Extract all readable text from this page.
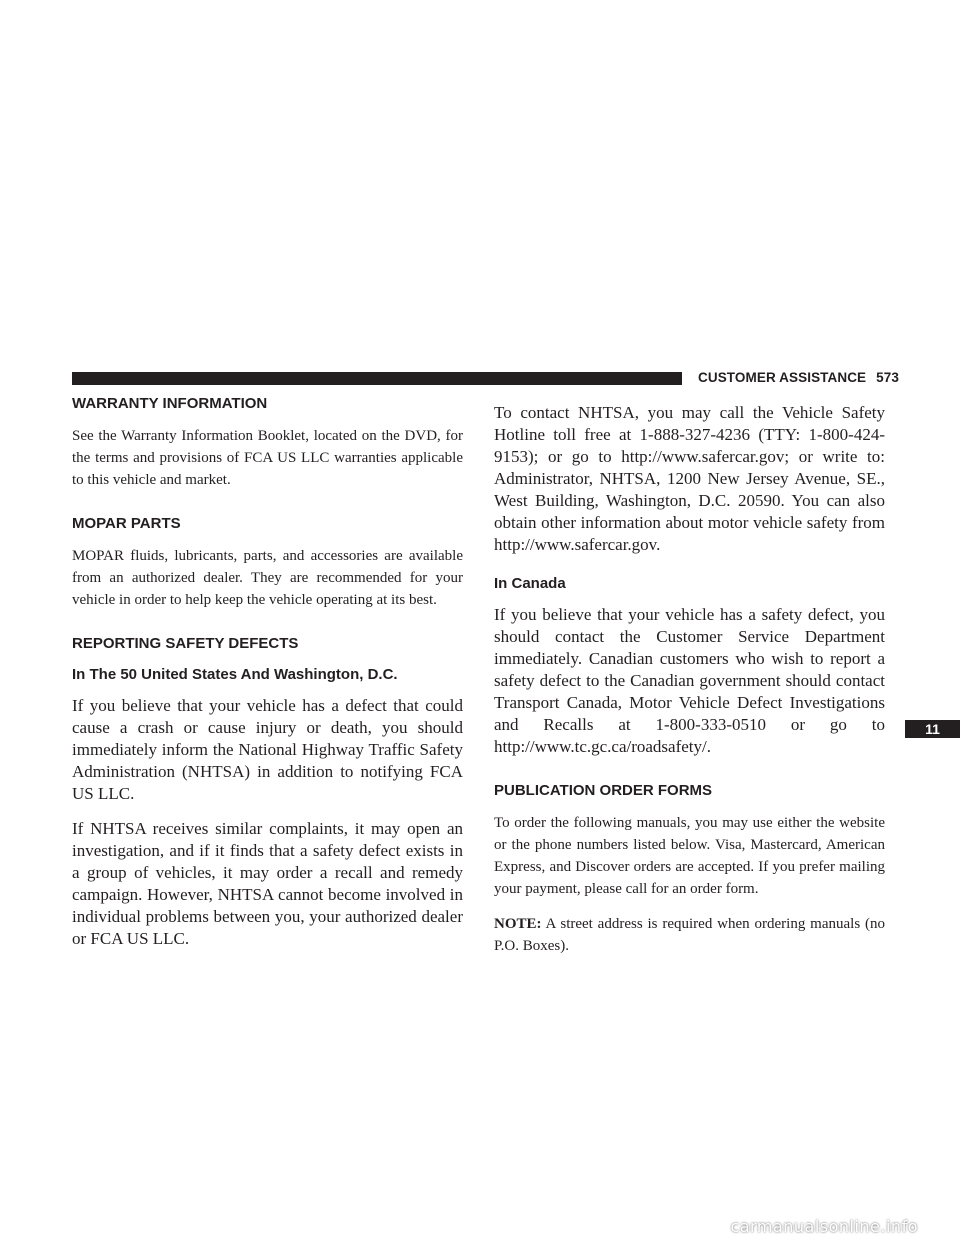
CUSTOMER ASSISTANCE 573
WARRANTY INFORMATION

See the Warranty Information Booklet, located on the DVD, for the terms and provisions of FCA US LLC warranties applicable to this vehicle and market.

MOPAR PARTS

MOPAR fluids, lubricants, parts, and accessories are available from an authorized dealer. They are recommended for your vehicle in order to help keep the vehicle operating at its best.

REPORTING SAFETY DEFECTS
In The 50 United States And Washington, D.C.

If you believe that your vehicle has a defect that could cause a crash or cause injury or death, you should immediately inform the National Highway Traffic Safety Administration (NHTSA) in addition to notifying FCA US LLC.

If NHTSA receives similar complaints, it may open an investigation, and if it finds that a safety defect exists in a group of vehicles, it may order a recall and remedy campaign. However, NHTSA cannot become involved in individual problems between you, your authorized dealer or FCA US LLC.

To contact NHTSA, you may call the Vehicle Safety Hotline toll free at 1-888-327-4236 (TTY: 1-800-424-9153); or go to http://www.safercar.gov; or write to: Administrator, NHTSA, 1200 New Jersey Avenue, SE., West Building, Washington, D.C. 20590. You can also obtain other information about motor vehicle safety from http://www.safercar.gov.

In Canada

If you believe that your vehicle has a safety defect, you should contact the Customer Service Department immediately. Canadian customers who wish to report a safety defect to the Canadian government should contact Transport Canada, Motor Vehicle Defect Investigations and Recalls at 1-800-333-0510 or go to http://www.tc.gc.ca/roadsafety/.

PUBLICATION ORDER FORMS

To order the following manuals, you may use either the website or the phone numbers listed below. Visa, Mastercard, American Express, and Discover orders are accepted. If you prefer mailing your payment, please call for an order form.

NOTE: A street address is required when ordering manuals (no P.O. Boxes).

11
carmanualsonline.info
